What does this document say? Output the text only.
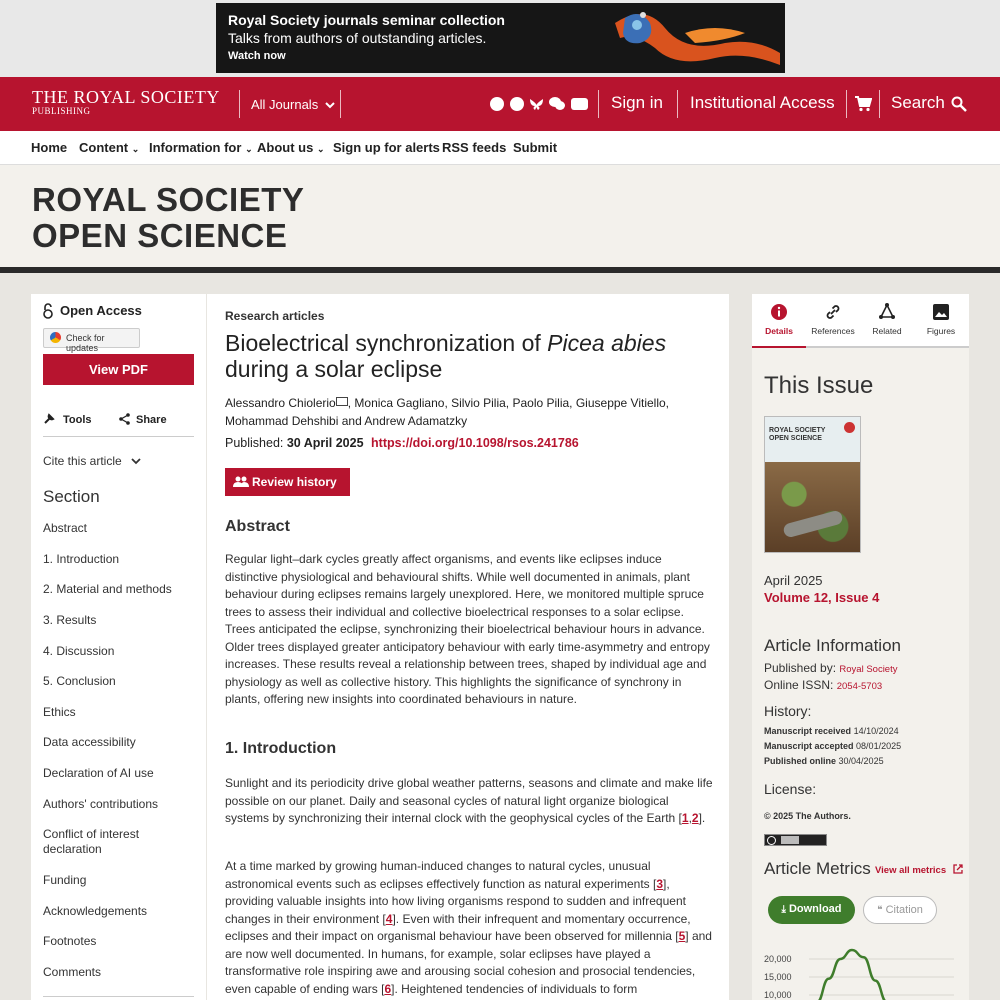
Royal Society journals seminar collection
Talks from authors of outstanding articles.
Watch now
THE ROYAL SOCIETY
PUBLISHING	All Journals	Sign in Institutional Access	Search
Home Content ⌄ Information for ⌄ About us ⌄ Sign up for alerts RSS feeds Submit
ROYAL SOCIETY
OPEN SCIENCE
Open Access
Check for updates
View PDF
Tools	Share
Cite this article
Section
Abstract
1. Introduction
2. Material and methods
3. Results
4. Discussion
5. Conclusion
Ethics
Data accessibility
Declaration of AI use
Authors' contributions
Conflict of interest declaration
Funding
Acknowledgements
Footnotes
Comments
Research articles
Bioelectrical synchronization of Picea abies
during a solar eclipse
Alessandro Chiolerio , Monica Gagliano, Silvio Pilia, Paolo Pilia, Giuseppe Vitiello,
Mohammad Dehshibi and Andrew Adamatzky
Published: 30 April 2025 https://doi.org/10.1098/rsos.241786
Review history
Abstract
Regular light–dark cycles greatly affect organisms, and events like eclipses induce distinctive physiological and behavioural shifts. While well documented in animals, plant behaviour during eclipses remains largely unexplored. Here, we monitored multiple spruce trees to assess their individual and collective bioelectrical responses to a solar eclipse. Trees anticipated the eclipse, synchronizing their bioelectrical behaviour hours in advance. Older trees displayed greater anticipatory behaviour with early time-asymmetry and entropy increases. These results reveal a relationship between trees, shaped by individual age and physiology as well as collective history. This highlights the significance of synchrony in plants, offering new insights into coordinated behaviours in nature.
1. Introduction
Sunlight and its periodicity drive global weather patterns, seasons and climate and make life possible on our planet. Daily and seasonal cycles of natural light organize biological systems by synchronizing their internal clock with the geophysical cycles of the Earth [1,2].
At a time marked by growing human-induced changes to natural cycles, unusual astronomical events such as eclipses effectively function as natural experiments [3], providing valuable insights into how living organisms respond to sudden and infrequent changes in their environment [4]. Even with their infrequent and momentary occurrence, eclipses and their impact on organismal behaviour have been observed for millennia [5] and are now well documented. In humans, for example, solar eclipses have played a transformative role inspiring awe and arousing social cohesion and prosocial tendencies, even capable of ending wars [6]. Heightened tendencies of individuals to form
Details	References	Related	Figures
This Issue
ROYAL SOCIETY OPEN SCIENCE
April 2025
Volume 12, Issue 4
Article Information
Published by: Royal Society
Online ISSN: 2054-5703
History:
Manuscript received 14/10/2024
Manuscript accepted 08/01/2025
Published online 30/04/2025
License:
© 2025 The Authors.
Article Metrics View all metrics
⤓ Download	❝ Citation
20,000
15,000
10,000
